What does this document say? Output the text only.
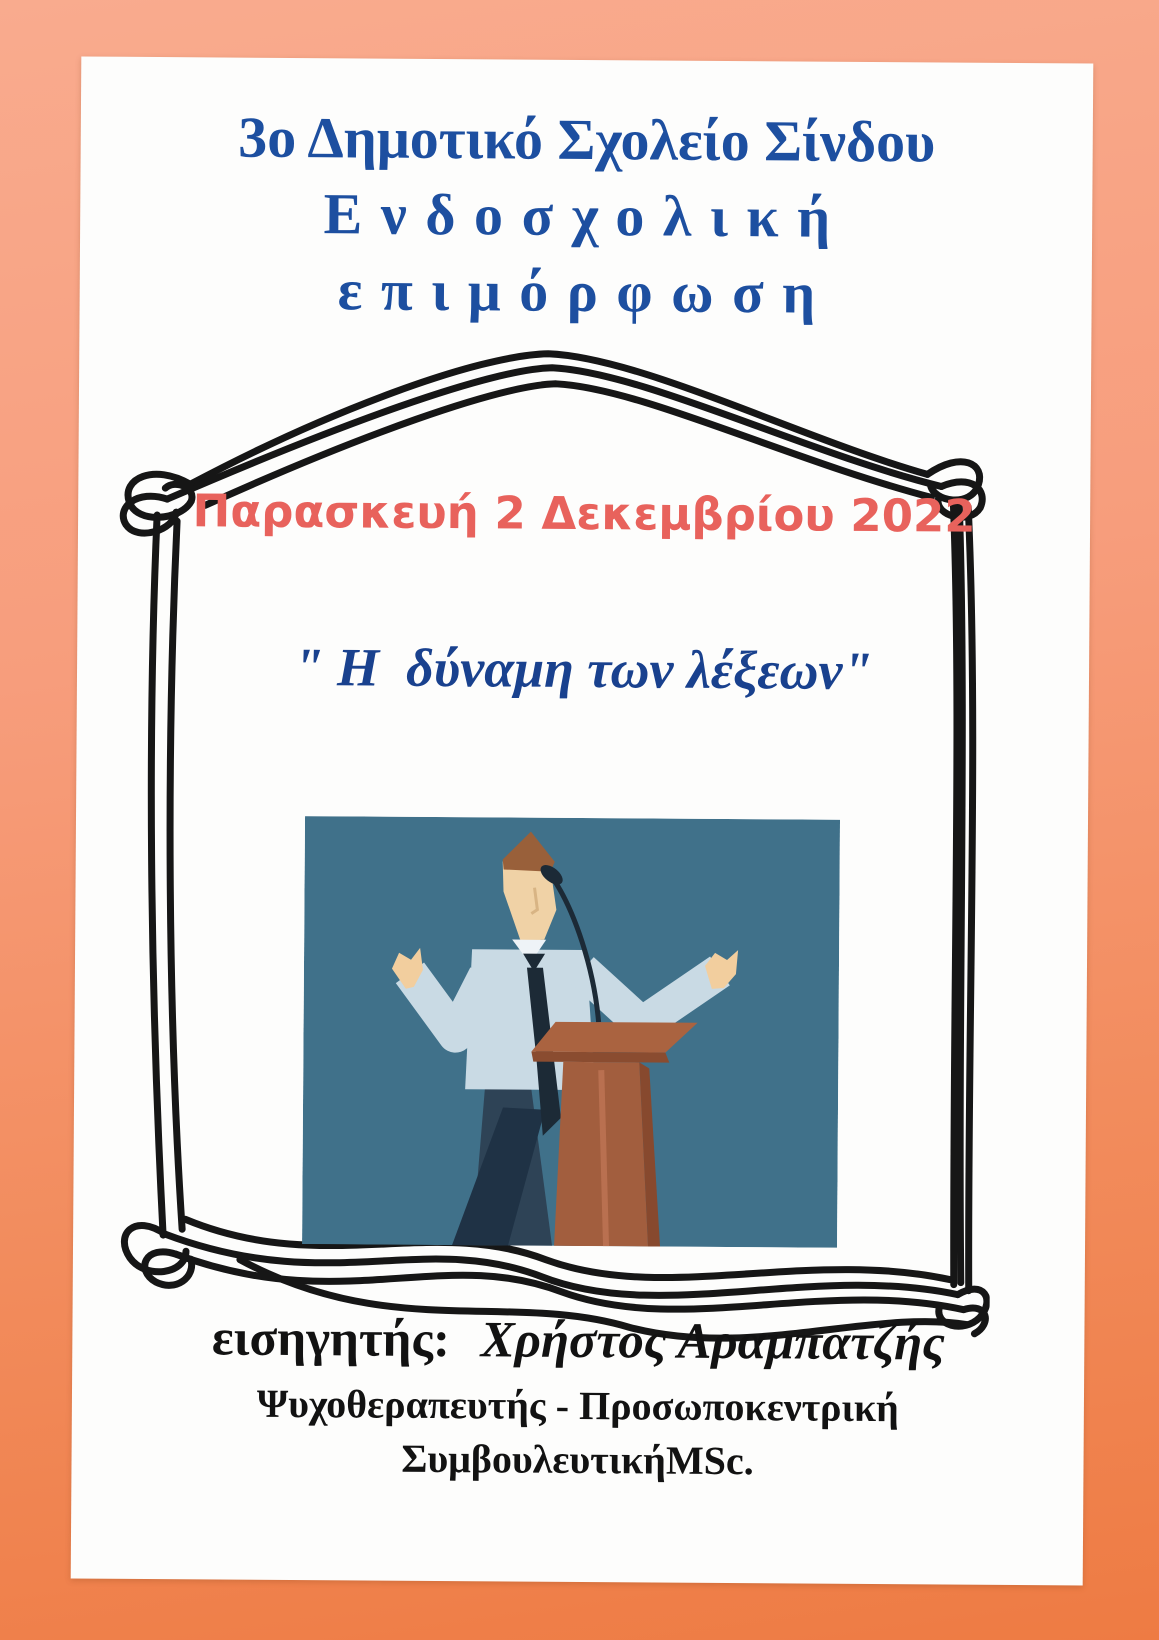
3ο Δημοτικό Σχολείο Σίνδου
Ενδοσχολική
επιμόρφωση
Παρασκευή 2 Δεκεμβρίου 2022
" Η  δύναμη των λέξεων"
εισηγητής: Χρήστος Αραμπατζής
Ψυχοθεραπευτής - Προσωποκεντρική
ΣυμβουλευτικήMSc.
